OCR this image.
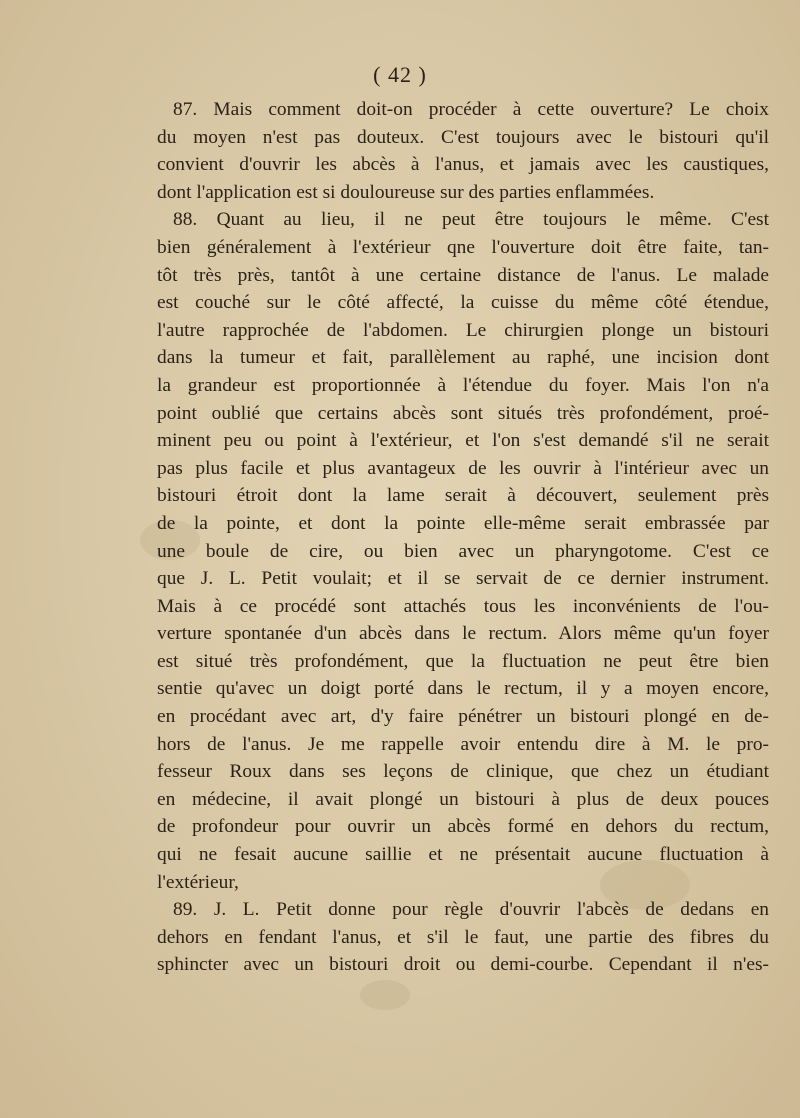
( 42 )
87. Mais comment doit-on procéder à cette ouverture? Le choix
du moyen n'est pas douteux. C'est toujours avec le bistouri qu'il
convient d'ouvrir les abcès à l'anus, et jamais avec les caustiques,
dont l'application est si douloureuse sur des parties enflammées.
88. Quant au lieu, il ne peut être toujours le même. C'est
bien généralement à l'extérieur qne l'ouverture doit être faite, tan-
tôt très près, tantôt à une certaine distance de l'anus. Le malade
est couché sur le côté affecté, la cuisse du même côté étendue,
l'autre rapprochée de l'abdomen. Le chirurgien plonge un bistouri
dans la tumeur et fait, parallèlement au raphé, une incision dont
la grandeur est proportionnée à l'étendue du foyer. Mais l'on n'a
point oublié que certains abcès sont situés très profondément, proé-
minent peu ou point à l'extérieur, et l'on s'est demandé s'il ne serait
pas plus facile et plus avantageux de les ouvrir à l'intérieur avec un
bistouri étroit dont la lame serait à découvert, seulement près
de la pointe, et dont la pointe elle-même serait embrassée par
une boule de cire, ou bien avec un pharyngotome. C'est ce
que J. L. Petit voulait; et il se servait de ce dernier instrument.
Mais à ce procédé sont attachés tous les inconvénients de l'ou-
verture spontanée d'un abcès dans le rectum. Alors même qu'un foyer
est situé très profondément, que la fluctuation ne peut être bien
sentie qu'avec un doigt porté dans le rectum, il y a moyen encore,
en procédant avec art, d'y faire pénétrer un bistouri plongé en de-
hors de l'anus. Je me rappelle avoir entendu dire à M. le pro-
fesseur Roux dans ses leçons de clinique, que chez un étudiant
en médecine, il avait plongé un bistouri à plus de deux pouces
de profondeur pour ouvrir un abcès formé en dehors du rectum,
qui ne fesait aucune saillie et ne présentait aucune fluctuation à
l'extérieur,
89. J. L. Petit donne pour règle d'ouvrir l'abcès de dedans en
dehors en fendant l'anus, et s'il le faut, une partie des fibres du
sphincter avec un bistouri droit ou demi-courbe. Cependant il n'es-
